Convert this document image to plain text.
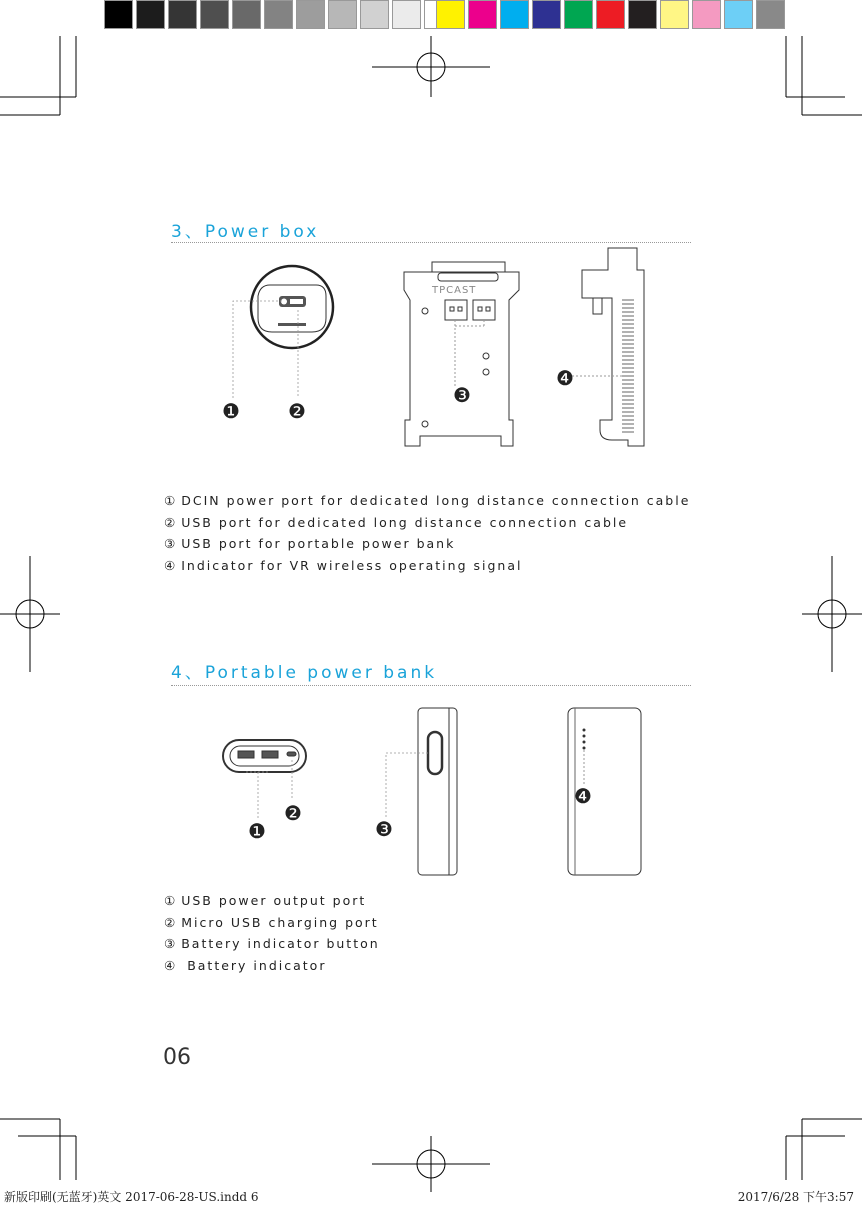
TPCAST
❶ ❷
❸
❹
❶
❷
❸
❹
3、Power box
① DCIN power port for dedicated long distance connection cable
② USB port for dedicated long distance connection cable
③ USB port for portable power bank
④ Indicator for VR wireless operating signal
4、Portable power bank
① USB power output port
② Micro USB charging port
③ Battery indicator button
④ Battery indicator
06
新版印刷(无蓝牙)英文 2017-06-28-US.indd 6	2017/6/28 下午3:57
